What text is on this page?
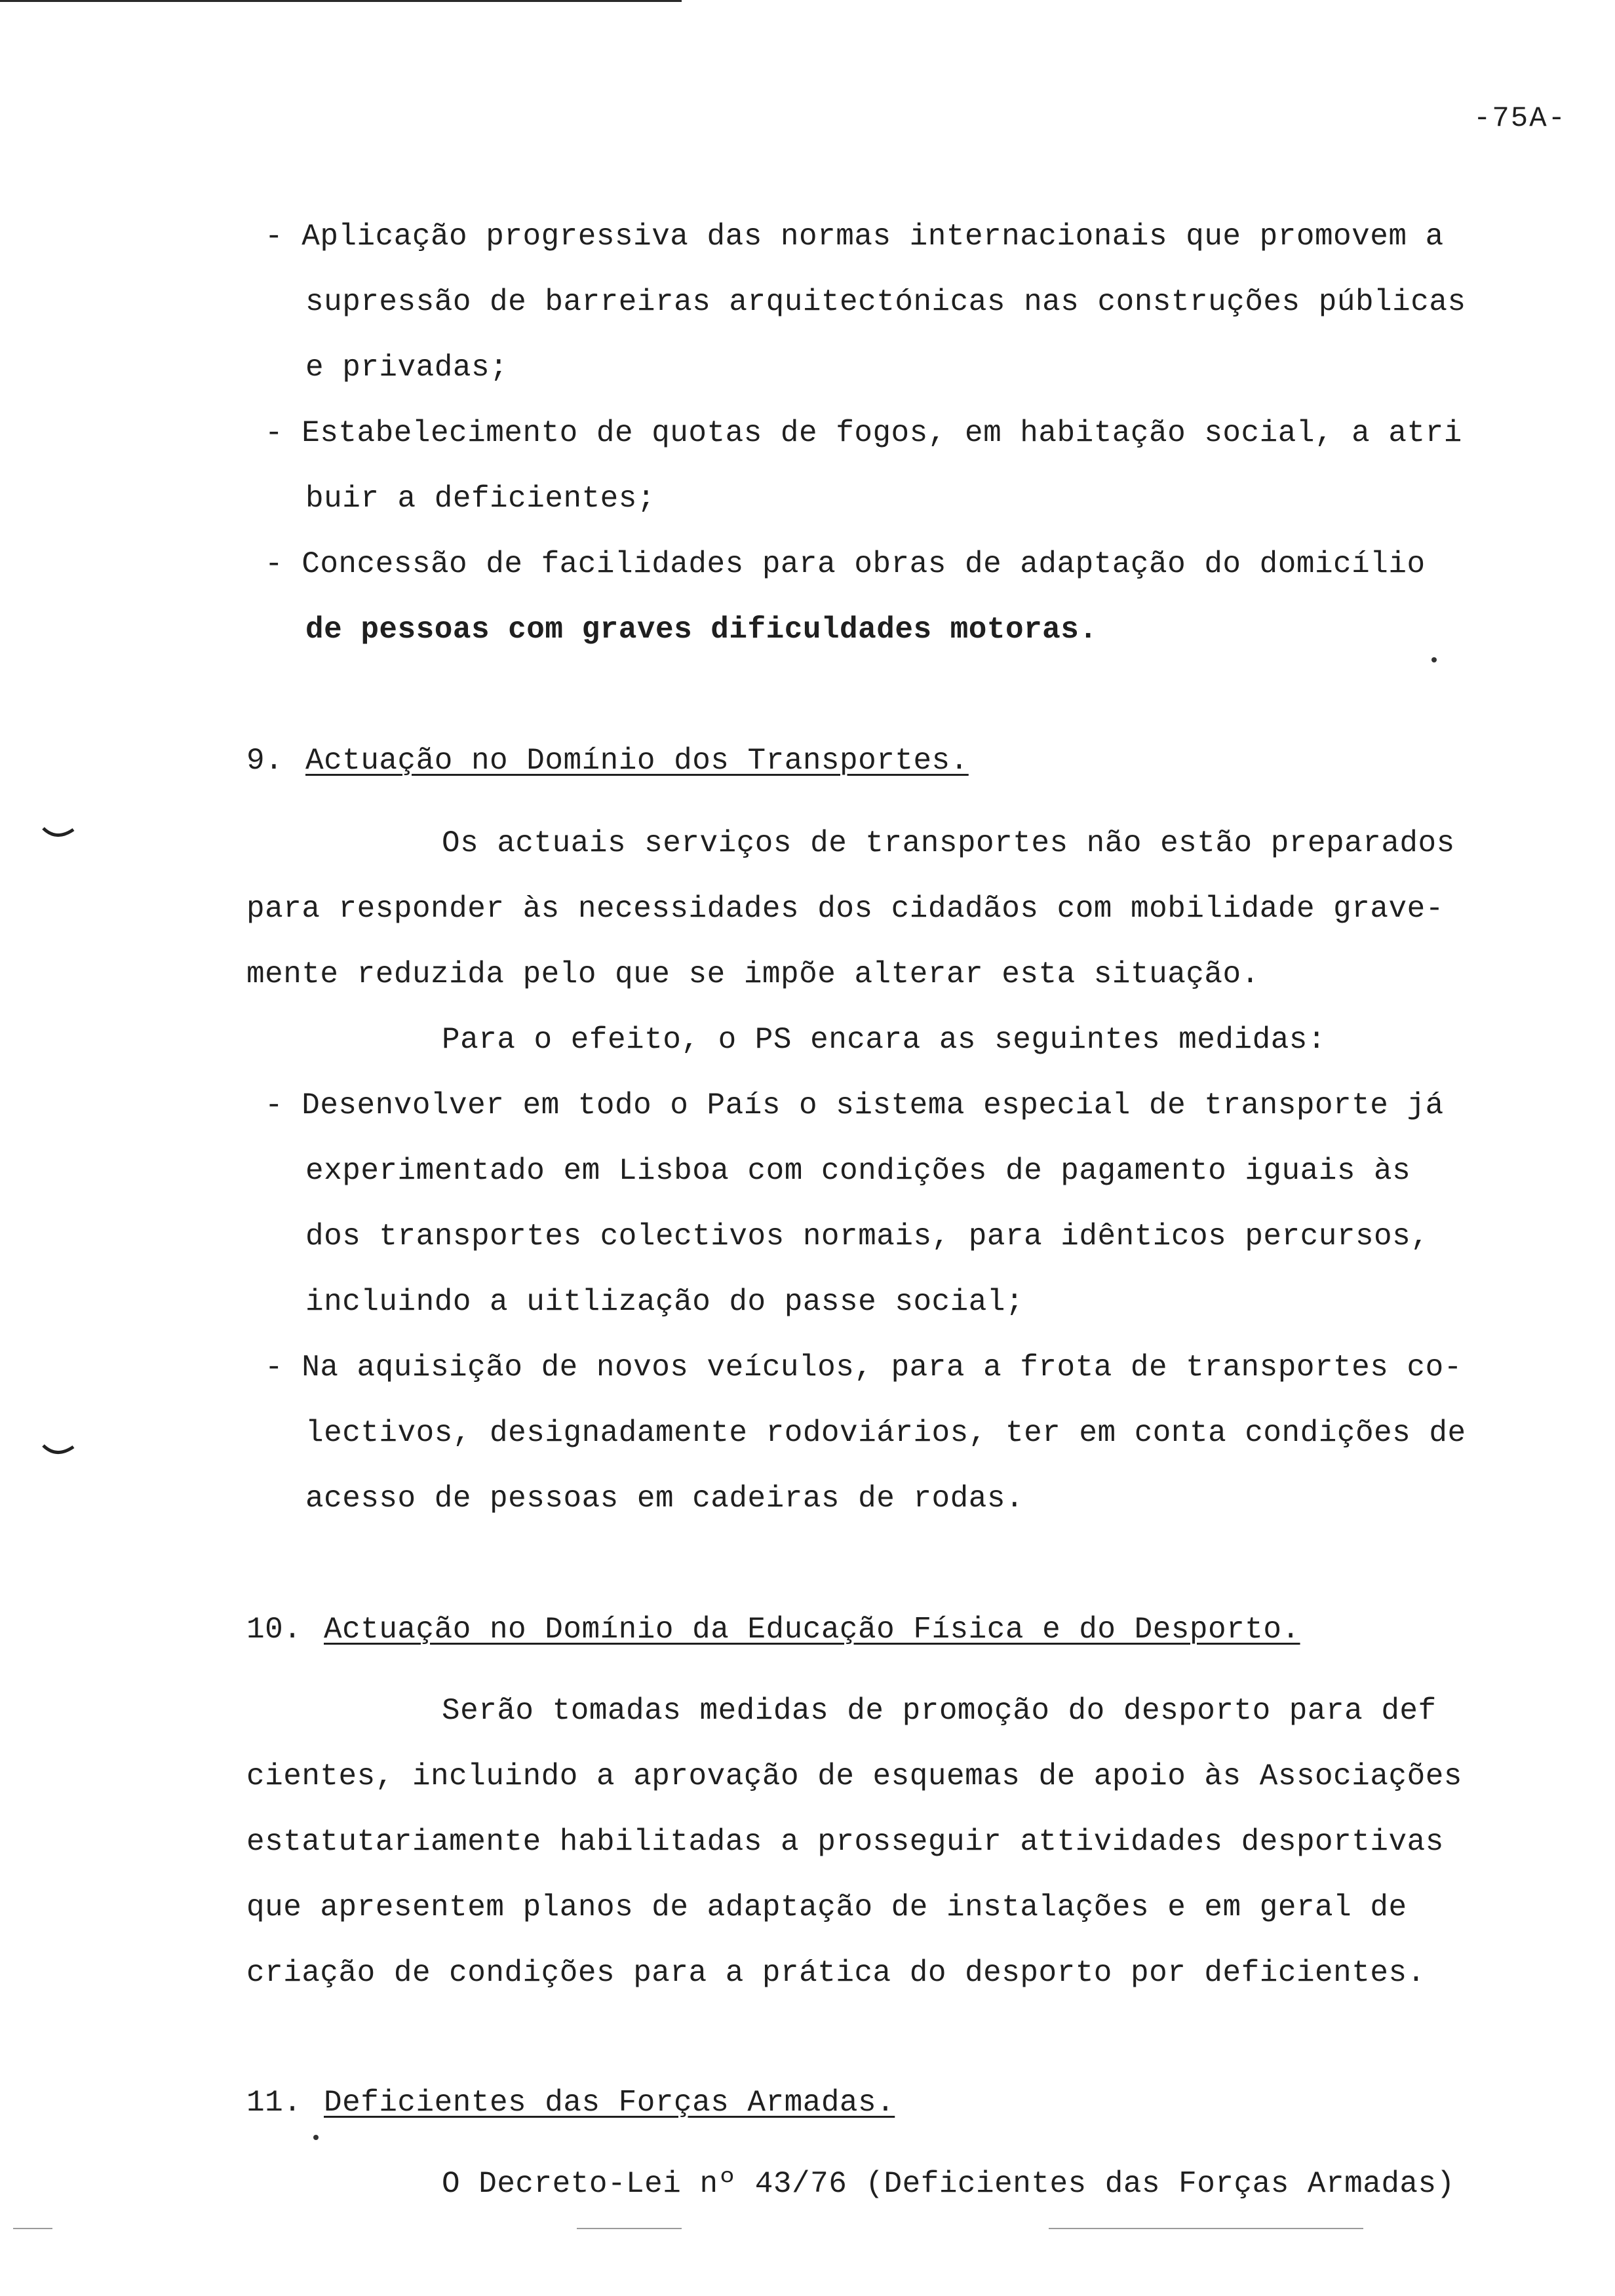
-75A-
- Aplicação progressiva das normas internacionais que promovem a
supressão de barreiras arquitectónicas nas construções públicas
e privadas;
- Estabelecimento de quotas de fogos, em habitação social, a atri
buir a deficientes;
- Concessão de facilidades para obras de adaptação do domicílio
de pessoas com graves dificuldades motoras.
9. Actuação no Domínio dos Transportes.
Os actuais serviços de transportes não estão preparados
para responder às necessidades dos cidadãos com mobilidade grave-
mente reduzida pelo que se impõe alterar esta situação.
Para o efeito, o PS encara as seguintes medidas:
- Desenvolver em todo o País o sistema especial de transporte já
experimentado em Lisboa com condições de pagamento iguais às
dos transportes colectivos normais, para idênticos percursos,
incluindo a uitlização do passe social;
- Na aquisição de novos veículos, para a frota de transportes co-
lectivos, designadamente rodoviários, ter em conta condições de
acesso de pessoas em cadeiras de rodas.
10. Actuação no Domínio da Educação Física e do Desporto.
Serão tomadas medidas de promoção do desporto para def
cientes, incluindo a aprovação de esquemas de apoio às Associações
estatutariamente habilitadas a prosseguir attividades desportivas
que apresentem planos de adaptação de instalações e em geral de
criação de condições para a prática do desporto por deficientes.
11. Deficientes das Forças Armadas.
O Decreto-Lei nº 43/76 (Deficientes das Forças Armadas)
